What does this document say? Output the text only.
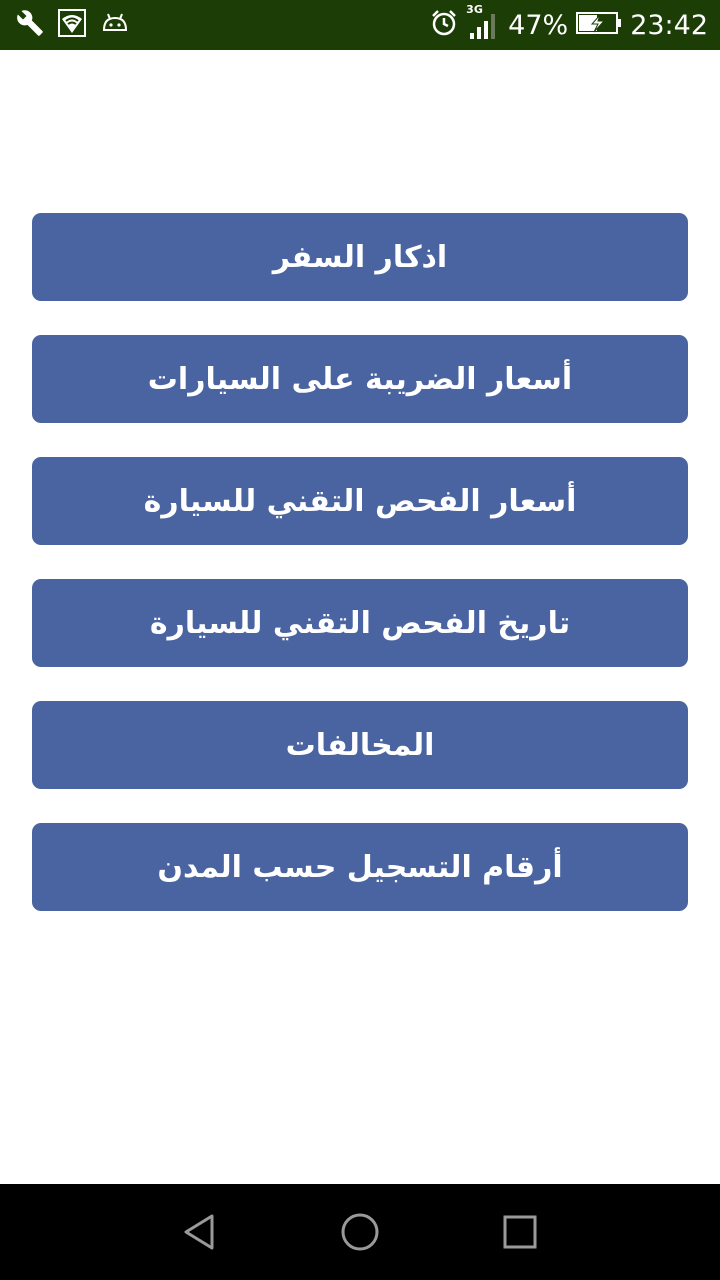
3G 47% 23:42
اذكار السفر
أسعار الضريبة على السيارات
أسعار الفحص التقني للسيارة
تاريخ الفحص التقني للسيارة
المخالفات
أرقام التسجيل حسب المدن
